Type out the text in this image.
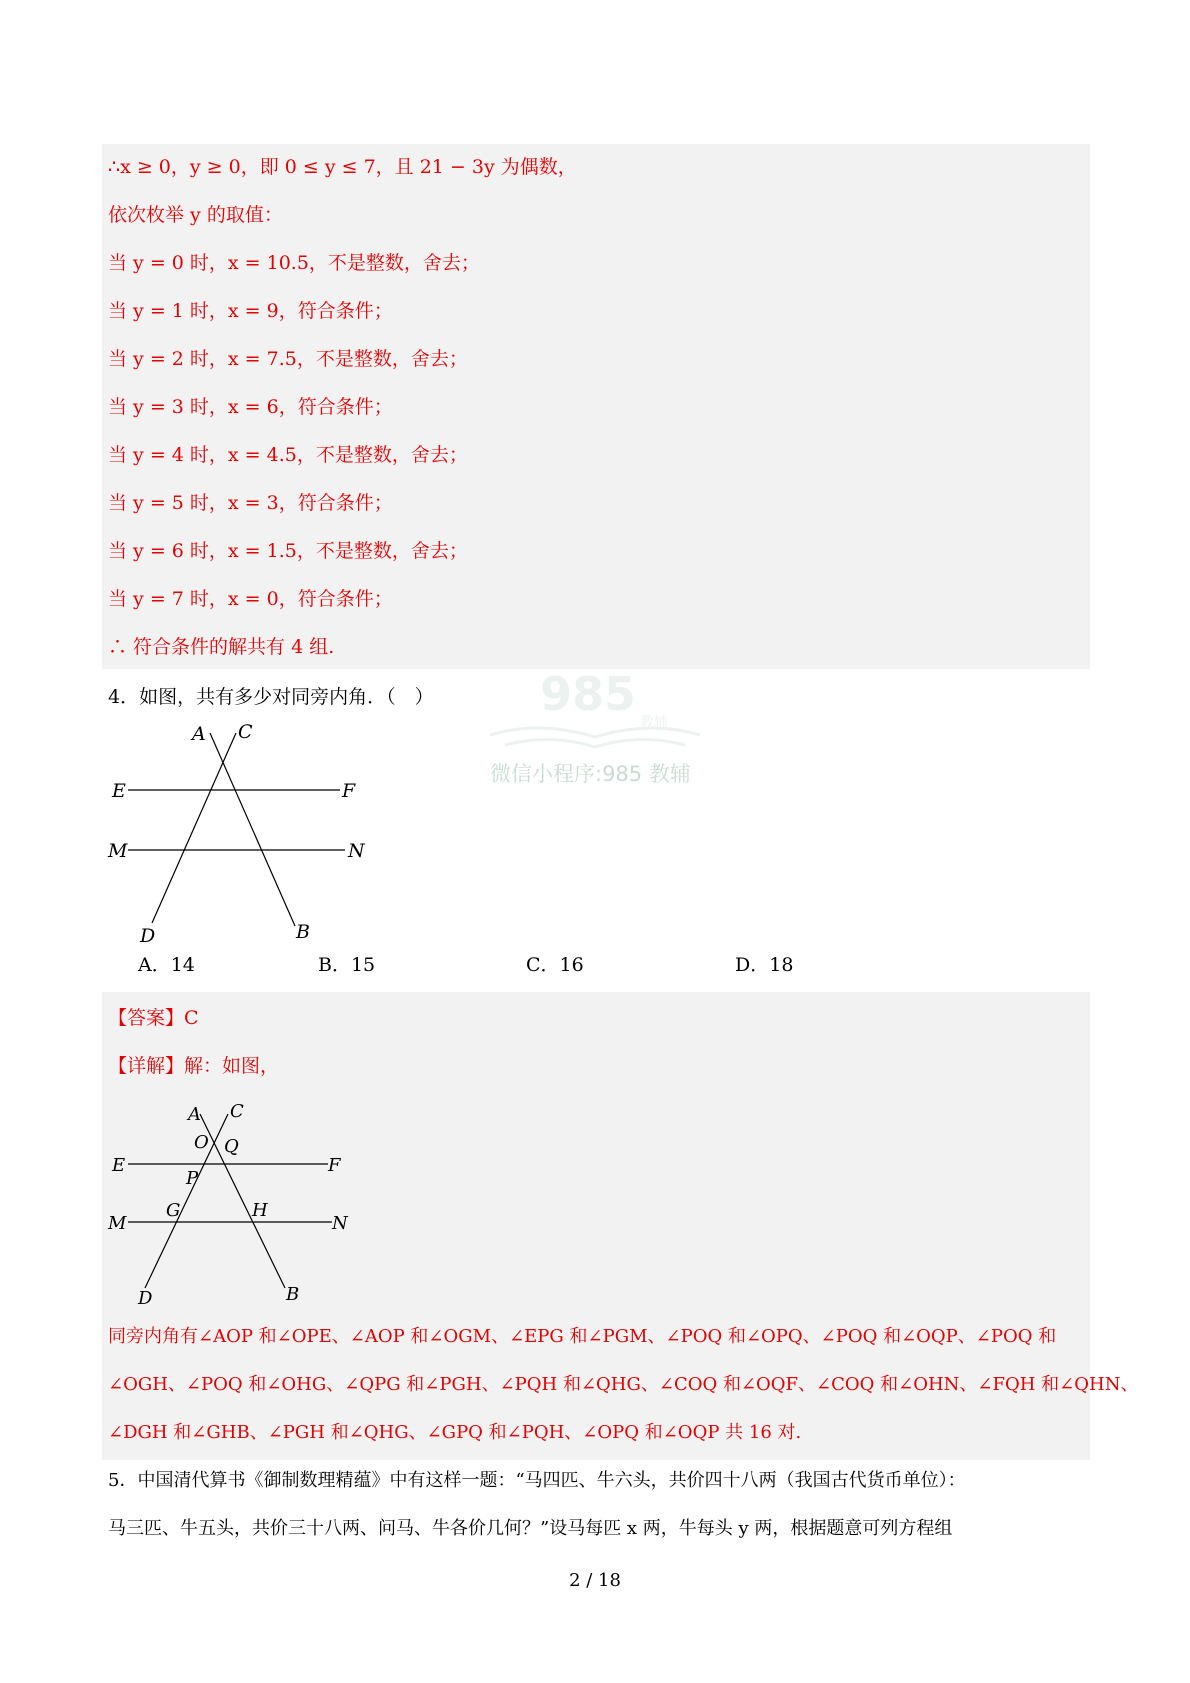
∴x ≥ 0，y ≥ 0，即 0 ≤ y ≤ 7，且 21 − 3y 为偶数，
依次枚举 y 的取值：
当 y = 0 时，x = 10.5，不是整数，舍去；
当 y = 1 时，x = 9，符合条件；
当 y = 2 时，x = 7.5，不是整数，舍去；
当 y = 3 时，x = 6，符合条件；
当 y = 4 时，x = 4.5，不是整数，舍去；
当 y = 5 时，x = 3，符合条件；
当 y = 6 时，x = 1.5，不是整数，舍去；
当 y = 7 时，x = 0，符合条件；
∴ 符合条件的解共有 4 组.
985
教辅
微信小程序:985 教辅
4．如图，共有多少对同旁内角．（　）
A C
E	F
M	N
D	B
A．14	B．15	C．16	D．18
【答案】C
【详解】解：如图，
A C
O Q
E	F
P
M
G	H
N
D	B
同旁内角有∠AOP 和∠OPE、∠AOP 和∠OGM、∠EPG 和∠PGM、∠POQ 和∠OPQ、∠POQ 和∠OQP、∠POQ 和
∠OGH、∠POQ 和∠OHG、∠QPG 和∠PGH、∠PQH 和∠QHG、∠COQ 和∠OQF、∠COQ 和∠OHN、∠FQH 和∠QHN、
∠DGH 和∠GHB、∠PGH 和∠QHG、∠GPQ 和∠PQH、∠OPQ 和∠OQP 共 16 对.
5．中国清代算书《御制数理精蕴》中有这样一题：“马四匹、牛六头，共价四十八两（我国古代货币单位）：
马三匹、牛五头，共价三十八两、问马、牛各价几何？”设马每匹 x 两，牛每头 y 两，根据题意可列方程组
2 / 18
